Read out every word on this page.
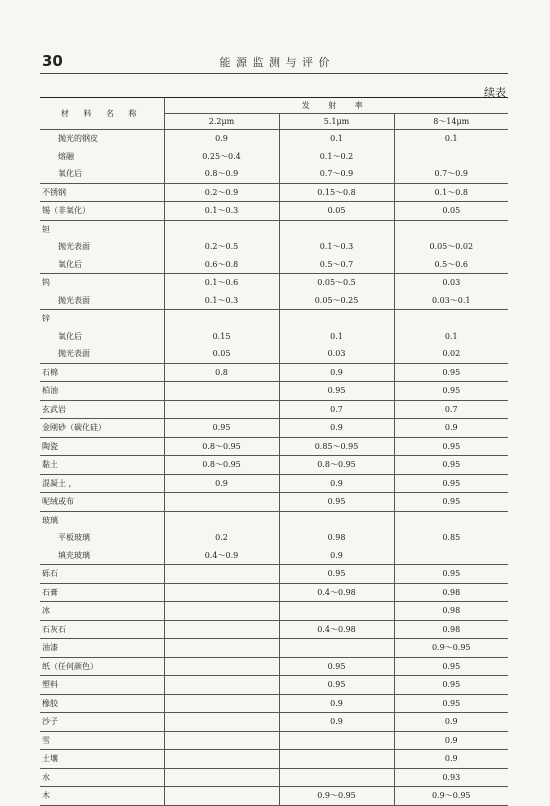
30	能 源 监 测 与 评 价
续表
材 料 名 称	发 射 率		
	2.2μm	5.1μm	8～14μm
抛光的钢皮	0.9	0.1	0.1
熔融	0.25～0.4	0.1～0.2	
氧化后	0.8～0.9	0.7～0.9	0.7～0.9
不锈钢	0.2～0.9	0.15～0.8	0.1～0.8
锡（非氧化）	0.1～0.3	0.05	0.05
钽			
抛光表面	0.2～0.5	0.1～0.3	0.05～0.02
氧化后	0.6～0.8	0.5～0.7	0.5～0.6
钨	0.1～0.6	0.05～0.5	0.03
抛光表面	0.1～0.3	0.05～0.25	0.03～0.1
锌			
氧化后	0.15	0.1	0.1
抛光表面	0.05	0.03	0.02
石棉	0.8	0.9	0.95
柏油		0.95	0.95
玄武岩		0.7	0.7
金刚砂（碳化硅）	0.95	0.9	0.9
陶瓷	0.8～0.95	0.85～0.95	0.95
黏土	0.8～0.95	0.8～0.95	0.95
混凝土 ，	0.9	0.9	0.95
呢绒或布		0.95	0.95
玻璃			
平板玻璃	0.2	0.98	0.85
填充玻璃	0.4～0.9	0.9	
砾石		0.95	0.95
石膏		0.4～0.98	0.98
冰			0.98
石灰石		0.4～0.98	0.98
油漆			0.9～0.95
纸（任何颜色）		0.95	0.95
塑料		0.95	0.95
橡胶		0.9	0.95
沙子		0.9	0.9
雪			0.9
土壤			0.9
水			0.93
木		0.9～0.95	0.9～0.95
